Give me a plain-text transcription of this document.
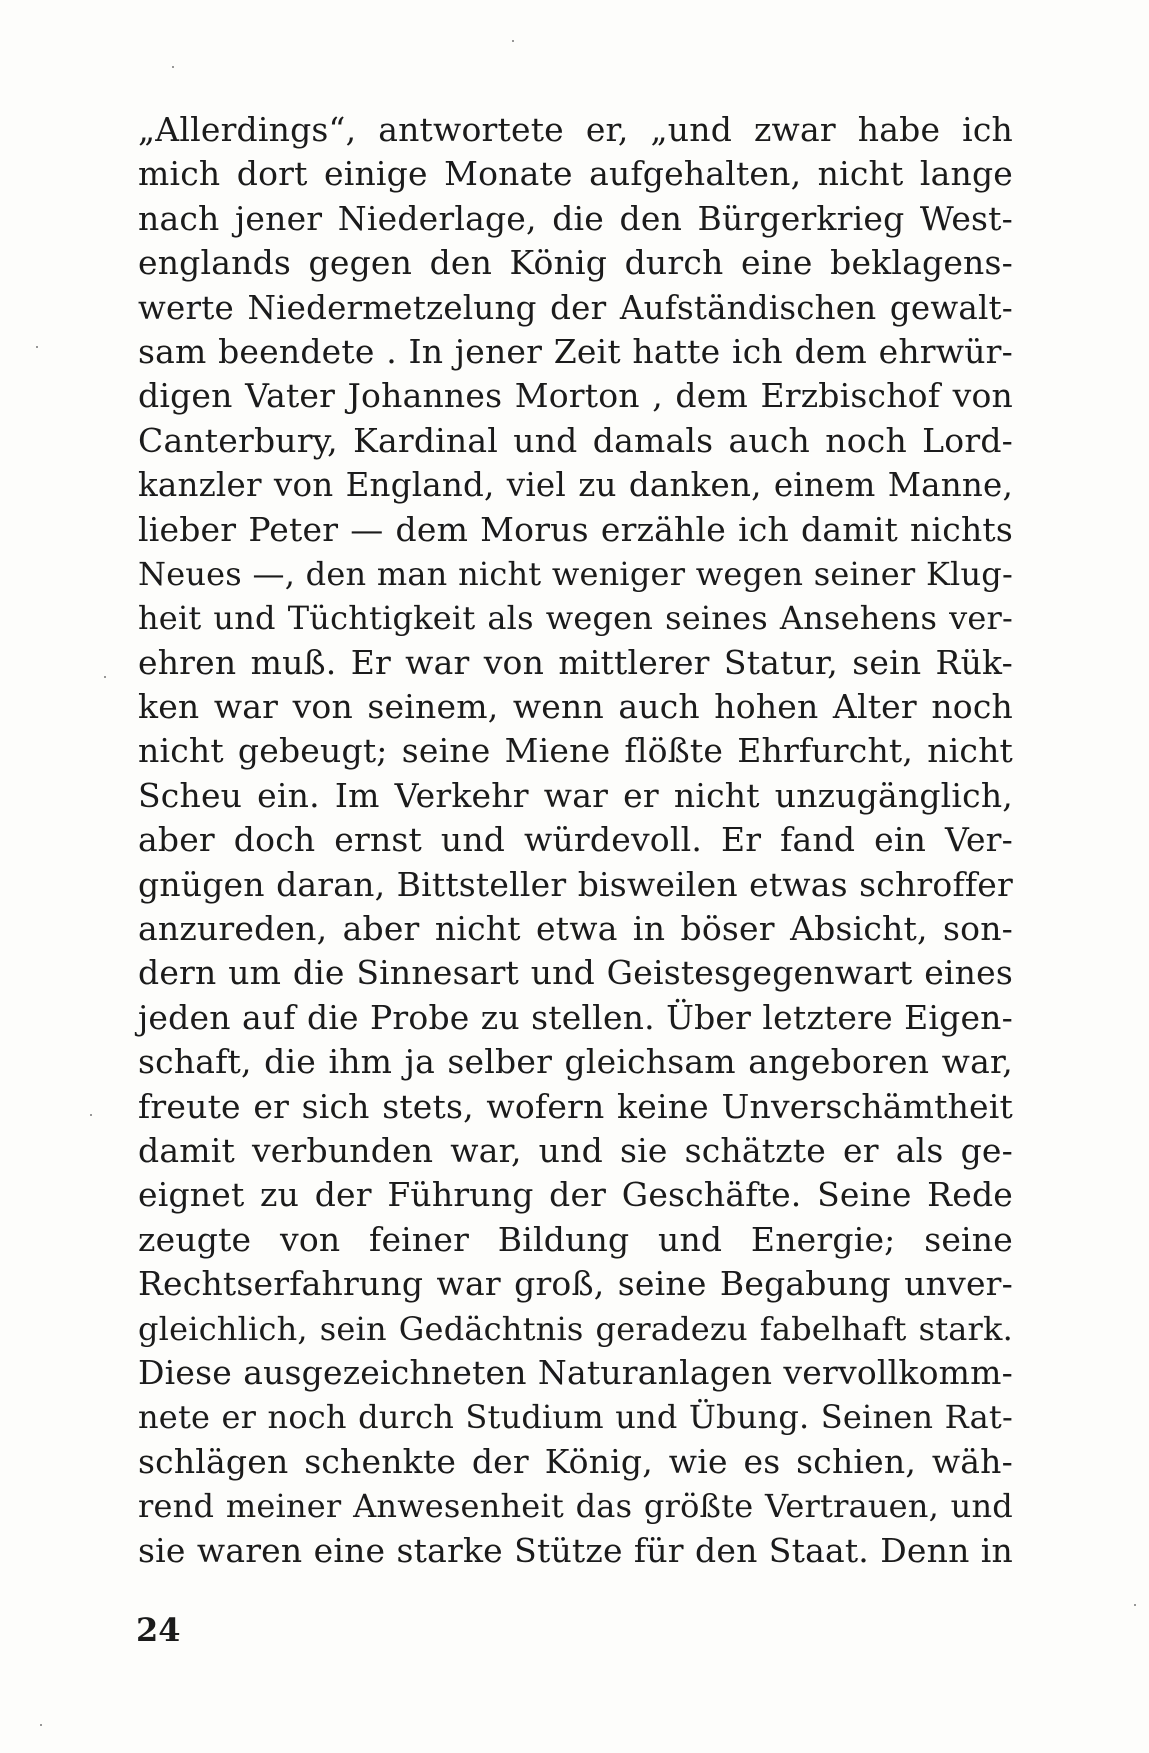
„Allerdings“, antwortete er, „und zwar habe ich
mich dort einige Monate aufgehalten, nicht lange
nach jener Niederlage, die den Bürgerkrieg West-
englands gegen den König durch eine beklagens-
werte Niedermetzelung der Aufständischen gewalt-
sam beendete . In jener Zeit hatte ich dem ehrwür-
digen Vater Johannes Morton , dem Erzbischof von
Canterbury, Kardinal und damals auch noch Lord-
kanzler von England, viel zu danken, einem Manne,
lieber Peter — dem Morus erzähle ich damit nichts
Neues —, den man nicht weniger wegen seiner Klug-
heit und Tüchtigkeit als wegen seines Ansehens ver-
ehren muß. Er war von mittlerer Statur, sein Rük-
ken war von seinem, wenn auch hohen Alter noch
nicht gebeugt; seine Miene flößte Ehrfurcht, nicht
Scheu ein. Im Verkehr war er nicht unzugänglich,
aber doch ernst und würdevoll. Er fand ein Ver-
gnügen daran, Bittsteller bisweilen etwas schroffer
anzureden, aber nicht etwa in böser Absicht, son-
dern um die Sinnesart und Geistesgegenwart eines
jeden auf die Probe zu stellen. Über letztere Eigen-
schaft, die ihm ja selber gleichsam angeboren war,
freute er sich stets, wofern keine Unverschämtheit
damit verbunden war, und sie schätzte er als ge-
eignet zu der Führung der Geschäfte. Seine Rede
zeugte von feiner Bildung und Energie; seine
Rechtserfahrung war groß, seine Begabung unver-
gleichlich, sein Gedächtnis geradezu fabelhaft stark.
Diese ausgezeichneten Naturanlagen vervollkomm-
nete er noch durch Studium und Übung. Seinen Rat-
schlägen schenkte der König, wie es schien, wäh-
rend meiner Anwesenheit das größte Vertrauen, und
sie waren eine starke Stütze für den Staat. Denn in
24
